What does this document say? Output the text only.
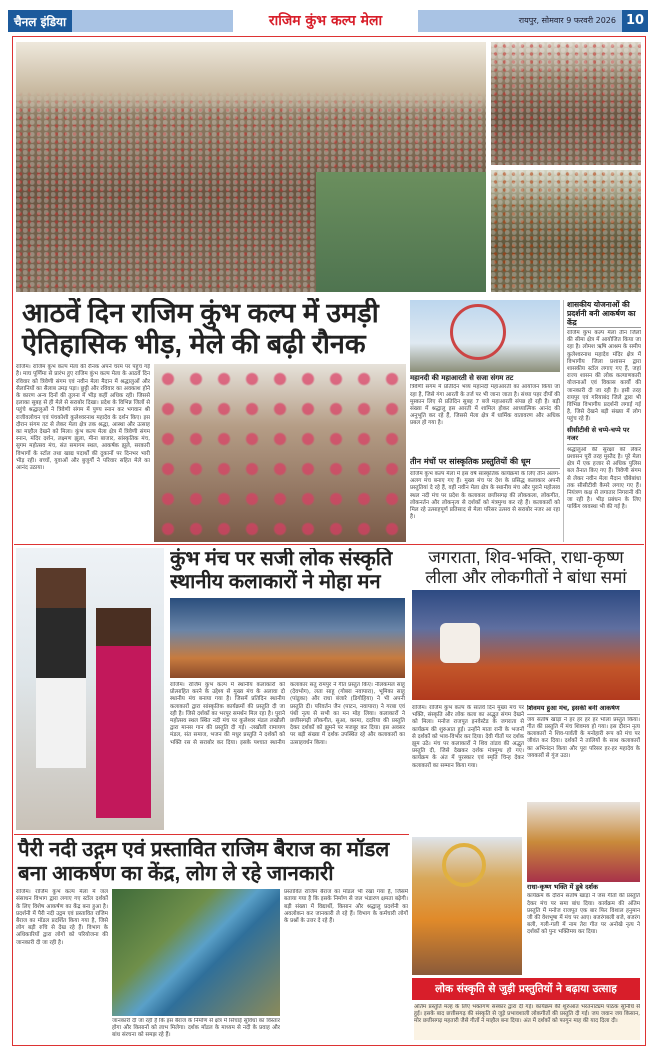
चैनल इंडिया	राजिम कुंभ कल्प मेला	रायपुर, सोमवार 9 फरवरी 2026 10
आठवें दिन राजिम कुंभ कल्प में उमड़ी ऐतिहासिक भीड़, मेले की बढ़ी रौनक
राजिम। राजिम कुंभ कल्प मेला की रौनक अपने चरम पर पहुंच गई है। माघ पूर्णिमा से प्रारंभ हुए राजिम कुंभ कल्प मेला के आठवें दिन रविवार को त्रिवेणी संगम एवं नवीन मेला मैदान में श्रद्धालुओं और सैलानियों का सैलाब उमड़ पड़ा। छुट्टी और रविवार का अवकाश होने के कारण अन्य दिनों की तुलना में भीड़ कहीं अधिक रही। जिससे इलाका सुबह से ही मेले से सराबोर दिखा। प्रदेश के विभिन्न जिलों से पहुंचे श्रद्धालुओं ने त्रिवेणी संगम में पुण्य स्नान कर भगवान श्री राजीवलोचन एवं पंचकोशी कुलेश्वरनाथ महादेव के दर्शन किए। इस दौरान संगम तट से लेकर मेला क्षेत्र तक श्रद्धा, आस्था और उत्साह का माहौल देखने को मिला। कुंभ कल्प मेला क्षेत्र में त्रिवेणी संगम स्नान, मंदिर दर्शन, लक्ष्मण झूला, मीना बाजार, सांस्कृतिक मंच, सुगम महोत्सव मंच, संत समागम स्थल, आकर्षक झूले, सरकारी विभागों के स्टॉल तथा खाद्य पदार्थों की दुकानों पर दिनभर भारी भीड़ रही। बच्चों, युवाओं और बुजुर्गों ने परिवार सहित मेले का आनंद उठाया।
महानदी की महाआरती से सजा संगम तट
त्रिवेणी संगम में प्रतिदिन भव्य महानदी महाआरती का आयोजन किया जा रहा है, जिसे गंगा आरती के तर्ज पर भी जाना जाता है। संध्या पहर दीपों की मुस्कान लिए से प्रतिदिन सुबह 7 बजे महाआरती संपन्न हो रही है। बड़ी संख्या में श्रद्धालु इस आरती में शामिल होकर आध्यात्मिक आनंद की अनुभूति कर रहे हैं, जिससे मेला क्षेत्र में धार्मिक वातावरण और अधिक प्रबल हो गया है।
तीन मंचों पर सांस्कृतिक प्रस्तुतियों की धूम
राजिम कुंभ कल्प मेला में इस वर्ष सांस्कृतिक कार्यक्रमों के लिए तीन अलग-अलग मंच बनाए गए हैं। मुख्य मंच पर देश के प्रसिद्ध कलाकार अपनी प्रस्तुतियां दे रहे हैं, वहीं नवीन मेला क्षेत्र के स्थानीय मंच और पुराने महोत्सव स्थल नदी मंच पर प्रदेश के कलाकार छत्तीसगढ़ की लोककला, लोकगीत, लोकनर्तन और लोकनृत्य से दर्शकों को मंत्रमुग्ध कर रहे हैं। कलाकारों को मिल रहे उत्साहपूर्ण प्रतिसाद से मेला परिसर उत्सव से सराबोर नजर आ रहा है।
शासकीय योजनाओं की प्रदर्शनी बनी आकर्षण का केंद्र
राजिम कुंभ कल्प मेला तीन जिलों की सीमा क्षेत्र में आयोजित किया जा रहा है। लोमश ऋषि आश्रम के समीप कुलेश्वरनाथ महादेव मंदिर क्षेत्र में विभागीय जिला प्रशासन द्वारा शासकीय स्टॉल लगाए गए हैं, जहां राज्य शासन की लोक कल्याणकारी योजनाओं एवं विकास कार्यों की जानकारी दी जा रही है। इसी तरह रायपुर एवं गरियाबंद जिले द्वारा भी विभिन्न विभागीय प्रदर्शनी लगाई गई है, जिसे देखने बड़ी संख्या में लोग पहुंच रहे हैं।
सीसीटीवी से चप्पे-चप्पे पर नजर
श्रद्धालुओं की सुरक्षा को लेकर प्रशासन पूरी तरह मुस्तैद है। पूरे मेला क्षेत्र में एक हजार से अधिक पुलिस बल तैनात किए गए हैं। त्रिवेणी संगम से लेकर नवीन मेला मैदान चौबेबांधा तक सीसीटीवी कैमरे लगाए गए हैं। नियंत्रण कक्ष से लगातार निगरानी की जा रही है। भीड़ प्रबंधन के लिए पार्किंग व्यवस्था भी की गई है।
कुंभ मंच पर सजी लोक संस्कृति स्थानीय कलाकारों ने मोहा मन
राजिम। राजिम कुंभ कल्प में स्थानीय कलाकारों को प्रोत्साहित करने के उद्देश्य से मुख्य मंच के अलावा दो स्थानीय मंच बनाया गया है। जिसमें प्रतिदिन स्थानीय कलाकारों द्वारा सांस्कृतिक कार्यक्रमों की प्रस्तुति दी जा रही है। जिसे दर्शकों का भरपूर समर्थन मिल रहा है। पुराने महोत्सव स्थल स्थित नदी मंच पर कुलेश्वर मंडल लखौली द्वारा मानस गान की प्रस्तुति दी गई। -लखौली रामायण मंडल, संत समाज, भजन की मधुर प्रस्तुति ने दर्शकों को भक्ति रस से सराबोर कर दिया। इसके पश्चात स्थानीय कलाकार संतु रामपुर ने गीत प्रस्तुत किए। नीलकमल साहू (देवभोग), लता साहू (गोबरा नवापारा), भूमिका साहू (पांडुका) और राधा बंजारे (डिगोहिया) ने भी अपनी प्रस्तुति दी। परिवर्तन जैन (पाटन, नवापारा) ने गरबा एवं पंथी नृत्य से सभी का मन मोह लिया। कलाकारों ने छत्तीसगढ़ी लोकगीत, सुआ, करमा, ददरिया की प्रस्तुति देकर दर्शकों को झूमने पर मजबूर कर दिया। इस अवसर पर बड़ी संख्या में दर्शक उपस्थित रहे और कलाकारों का उत्साहवर्धन किया।
जगराता, शिव-भक्ति, राधा-कृष्ण लीला और लोकगीतों ने बांधा समां
राजिम। राजिम कुंभ कल्प के सातवें दिन मुख्य मंच पर भक्ति, संस्कृति और लोक कला का अद्भुत संगम देखने को मिला। मनोज राजपूत इनवेस्टेड के जगराता से कार्यक्रम की शुरुआत हुई। उन्होंने माता रानी के भजनों से दर्शकों को भाव-विभोर कर दिया। देवी गीतों पर दर्शक झूम उठे। मंच पर कलाकारों ने शिव तांडव की अद्भुत प्रस्तुति दी, जिसे देखकर दर्शक मंत्रमुग्ध हो गए। कार्यक्रम के अंत में पुरस्कार एवं स्मृति चिन्ह देकर कलाकारों का सम्मान किया गया।
शिवमय हुआ मंच, इसकी बनी आकर्षण
जय संतोष खाड़ा ने हर हर हर हर भोला प्रस्तुत किया। गीत की प्रस्तुति में मंच शिवमय हो गया। इस दौरान नृत्य कलाकारों ने शिव-पार्वती के मनोहारी रूप को मंच पर जीवंत कर दिया। दर्शकों ने तालियों के साथ कलाकारों का अभिनंदन किया और पूरा परिसर हर-हर महादेव के जयकारों से गूंज उठा।
राधा-कृष्ण भक्ति में डूबे दर्शक
कार्यक्रम के दौरान संतोष खाड़ा ने जस गीतों की प्रस्तुति देकर मंच पर समा बांध दिया। कार्यक्रम की अंतिम प्रस्तुति में मनोज राजपूत एक बार फिर विशाल हनुमान जी की वेशभूषा में मंच पर आए। बजरंगबली बजे, बजरंग बली, गली-गली में नाम तेरा गीत पर अनोखे नृत्य ने दर्शकों को पुनः भक्तिमय कर दिया।
लोक संस्कृति से जुड़ी प्रस्तुतियों ने बढ़ाया उत्साह
अंतिम प्रस्तुति मल्ह के लिए भक्तगण संस्कार द्वारा दी गई। कार्यक्रम की शुरुआत भरतनाट्यम पाठक सुनिधि से हुई। इसके बाद छत्तीसगढ़ की संस्कृति से जुड़े प्रभावशाली लोकगीतों की प्रस्तुति दी गई। जय जवान जय किसान, मोर छत्तीसगढ़ महतारी जैसे गीतों ने माहौल बना दिया। अंत में दर्शकों को फागुन माह की याद दिला दी।
पैरी नदी उद्गम एवं प्रस्तावित राजिम बैराज का मॉडल बना आकर्षण का केंद्र, लोग ले रहे जानकारी
राजिम। राजिम कुंभ कल्प मेला में जल संसाधन विभाग द्वारा लगाए गए स्टॉल दर्शकों के लिए विशेष आकर्षण का केंद्र बना हुआ है। प्रदर्शनी में पैरी नदी उद्गम एवं प्रस्तावित राजिम बैराज का मॉडल प्रदर्शित किया गया है, जिसे लोग बड़ी रुचि से देख रहे हैं। विभाग के अधिकारियों द्वारा लोगों को परियोजना की जानकारी दी जा रही है।
जानकारी दी जा रही है कि इस बैराज के निर्माण से क्षेत्र में सिंचाई सुविधा का विस्तार होगा और किसानों को लाभ मिलेगा। दर्शक मॉडल के माध्यम से नदी के प्रवाह और बांध संरचना को समझ रहे हैं।
प्रस्तावित राजिम बैराज का मॉडल भी रखा गया है, जिसमें बताया गया है कि इसके निर्माण से जल भंडारण क्षमता बढ़ेगी। बड़ी संख्या में विद्यार्थी, किसान और श्रद्धालु प्रदर्शनी का अवलोकन कर जानकारी ले रहे हैं। विभाग के कर्मचारी लोगों के प्रश्नों के उत्तर दे रहे हैं।
